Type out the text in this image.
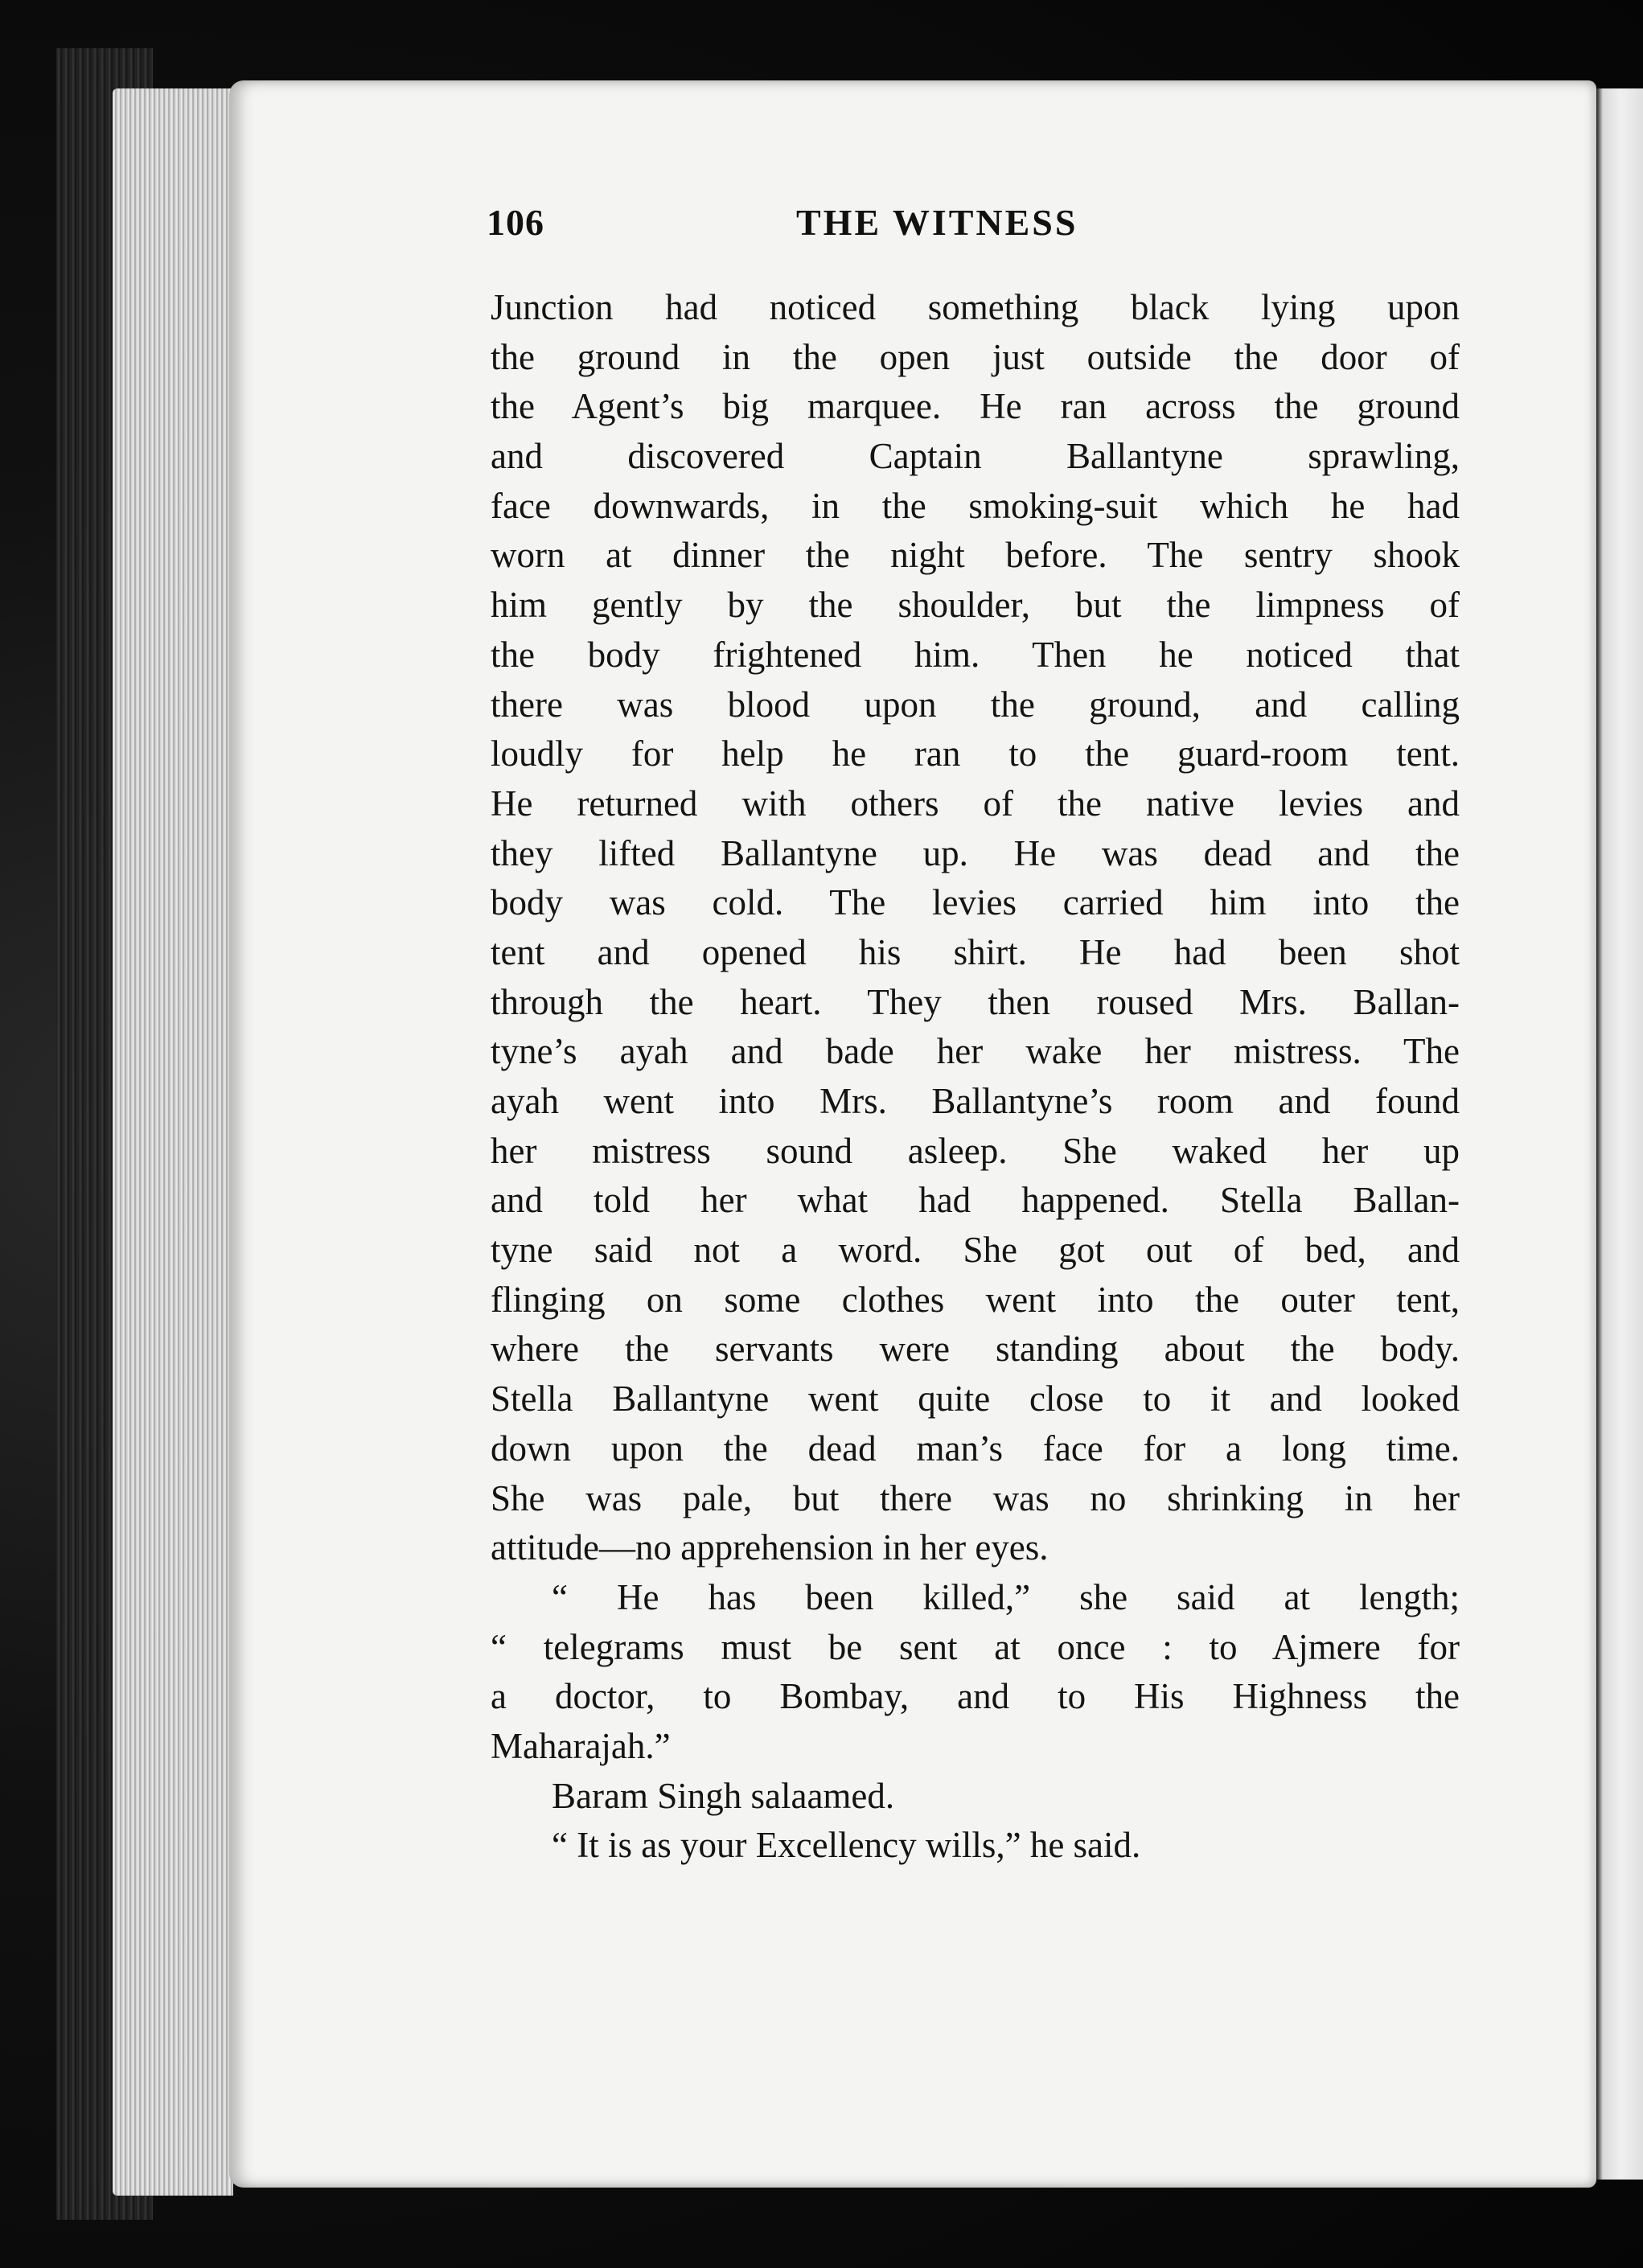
106	THE WITNESS
Junction had noticed something black lying upon
the ground in the open just outside the door of
the Agent’s big marquee. He ran across the ground
and discovered Captain Ballantyne sprawling,
face downwards, in the smoking-suit which he had
worn at dinner the night before. The sentry shook
him gently by the shoulder, but the limpness of
the body frightened him. Then he noticed that
there was blood upon the ground, and calling
loudly for help he ran to the guard-room tent.
He returned with others of the native levies and
they lifted Ballantyne up. He was dead and the
body was cold. The levies carried him into the
tent and opened his shirt. He had been shot
through the heart. They then roused Mrs. Ballan-
tyne’s ayah and bade her wake her mistress. The
ayah went into Mrs. Ballantyne’s room and found
her mistress sound asleep. She waked her up
and told her what had happened. Stella Ballan-
tyne said not a word. She got out of bed, and
flinging on some clothes went into the outer tent,
where the servants were standing about the body.
Stella Ballantyne went quite close to it and looked
down upon the dead man’s face for a long time.
She was pale, but there was no shrinking in her
attitude—no apprehension in her eyes.
“ He has been killed,” she said at length;
“ telegrams must be sent at once : to Ajmere for
a doctor, to Bombay, and to His Highness the
Maharajah.”
Baram Singh salaamed.
“ It is as your Excellency wills,” he said.
